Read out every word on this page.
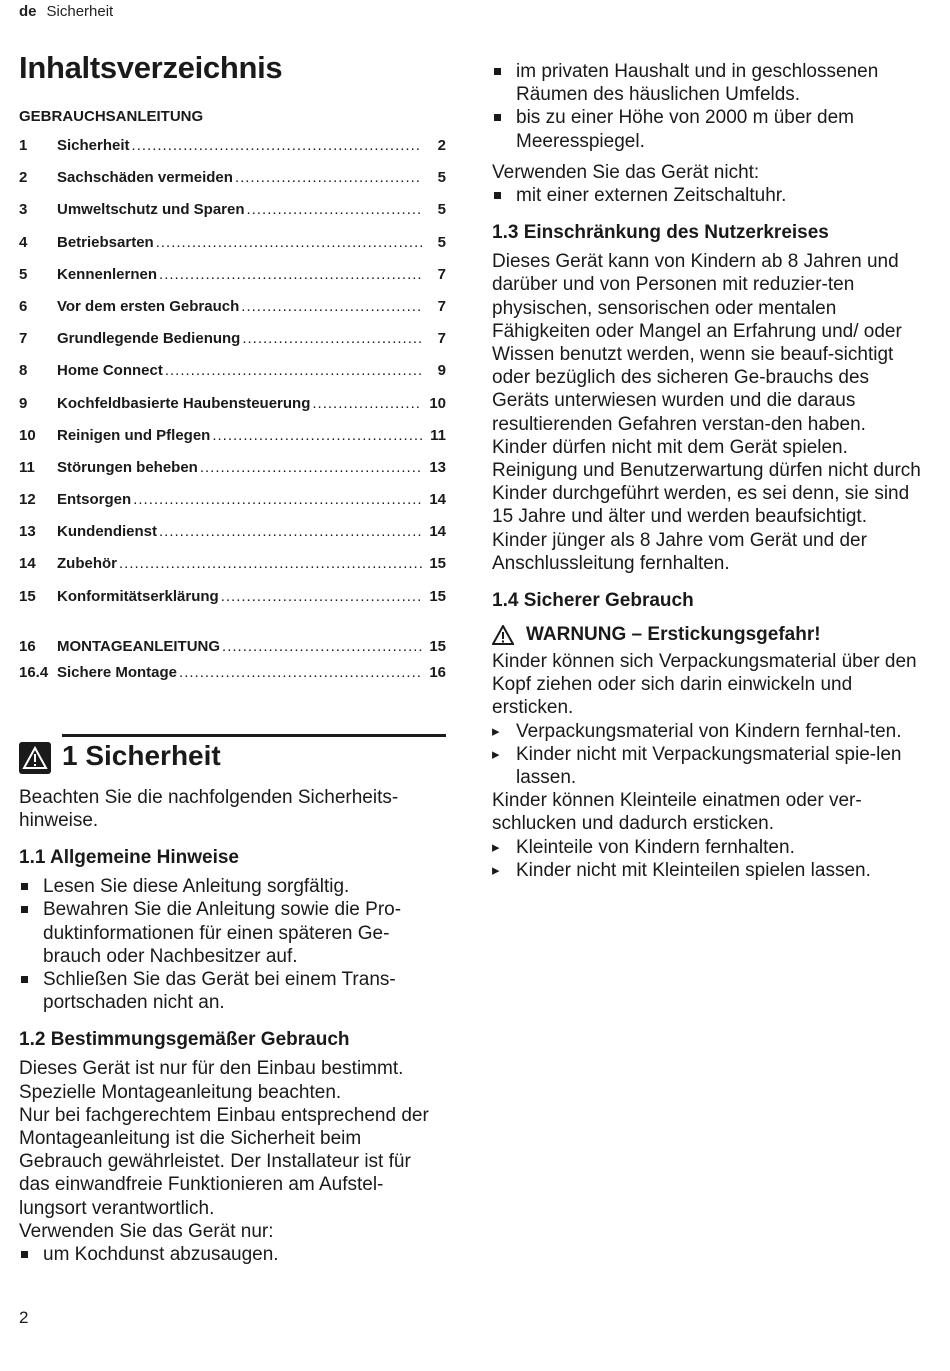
de Sicherheit
Inhaltsverzeichnis
GEBRAUCHSANLEITUNG
1	Sicherheit .....	2
2	Sachschäden vermeiden .....	5
3	Umweltschutz und Sparen .....	5
4	Betriebsarten .....	5
5	Kennenlernen .....	7
6	Vor dem ersten Gebrauch .....	7
7	Grundlegende Bedienung .....	7
8	Home Connect .....	9
9	Kochfeldbasierte Haubensteuerung .....	10
10	Reinigen und Pflegen .....	11
11	Störungen beheben .....	13
12	Entsorgen .....	14
13	Kundendienst .....	14
14	Zubehör .....	15
15	Konformitätserklärung .....	15
16	MONTAGEANLEITUNG .....	15
16.4 Sichere Montage .....	16
1 Sicherheit

Beachten Sie die nachfolgenden Sicherheits-hinweise.

1.1 Allgemeine Hinweise
Lesen Sie diese Anleitung sorgfältig.
Bewahren Sie die Anleitung sowie die Pro-duktinformationen für einen späteren Ge-brauch oder Nachbesitzer auf.
Schließen Sie das Gerät bei einem Trans-portschaden nicht an.
1.2 Bestimmungsgemäßer Gebrauch

Dieses Gerät ist nur für den Einbau bestimmt. Spezielle Montageanleitung beachten.

Nur bei fachgerechtem Einbau entsprechend der Montageanleitung ist die Sicherheit beim Gebrauch gewährleistet. Der Installateur ist für das einwandfreie Funktionieren am Aufstel-lungsort verantwortlich.

Verwenden Sie das Gerät nur:

um Kochdunst abzusaugen.
im privaten Haushalt und in geschlossenen Räumen des häuslichen Umfelds.
bis zu einer Höhe von 2000 m über dem Meeresspiegel.

Verwenden Sie das Gerät nicht:

mit einer externen Zeitschaltuhr.
1.3 Einschränkung des Nutzerkreises

Dieses Gerät kann von Kindern ab 8 Jahren und darüber und von Personen mit reduzier-ten physischen, sensorischen oder mentalen Fähigkeiten oder Mangel an Erfahrung und/ oder Wissen benutzt werden, wenn sie beauf-sichtigt oder bezüglich des sicheren Ge-brauchs des Geräts unterwiesen wurden und die daraus resultierenden Gefahren verstan-den haben.

Kinder dürfen nicht mit dem Gerät spielen.

Reinigung und Benutzerwartung dürfen nicht durch Kinder durchgeführt werden, es sei denn, sie sind 15 Jahre und älter und werden beaufsichtigt.

Kinder jünger als 8 Jahre vom Gerät und der Anschlussleitung fernhalten.

1.4 Sicherer Gebrauch
WARNUNG – Erstickungsgefahr!

Kinder können sich Verpackungsmaterial über den Kopf ziehen oder sich darin einwickeln und ersticken.

▸ Verpackungsmaterial von Kindern fernhal-ten.
▸ Kinder nicht mit Verpackungsmaterial spie-len lassen.

Kinder können Kleinteile einatmen oder ver-schlucken und dadurch ersticken.

▸ Kleinteile von Kindern fernhalten.
▸ Kinder nicht mit Kleinteilen spielen lassen.
2
